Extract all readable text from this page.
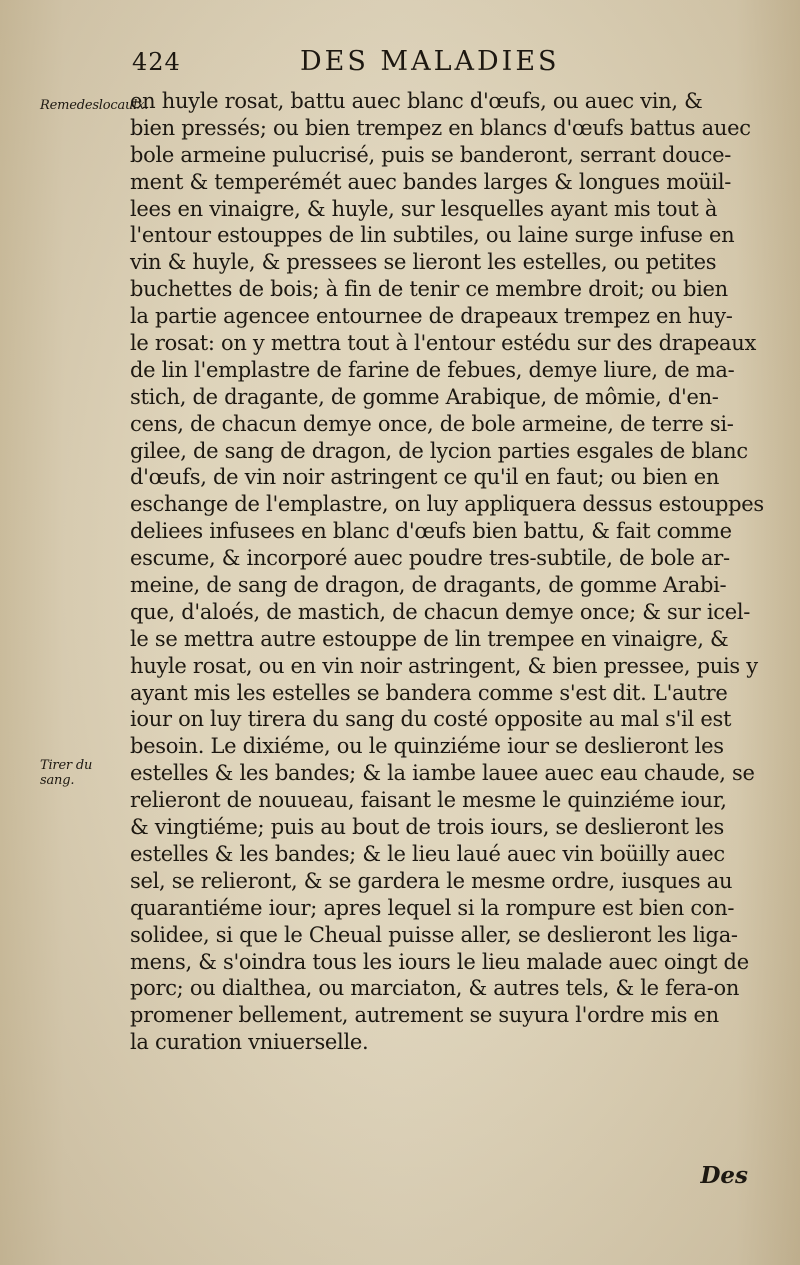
424	DES MALADIES
Remedeslocaulx.
Tirer du sang.
en huyle rosat, battu auec blanc d'œufs, ou auec vin, &
bien pressés; ou bien trempez en blancs d'œufs battus auec
bole armeine pulucrisé, puis se banderont, serrant douce-
ment & temperémét auec bandes larges & longues moüil-
lees en vinaigre, & huyle, sur lesquelles ayant mis tout à
l'entour estouppes de lin subtiles, ou laine surge infuse en
vin & huyle, & pressees se lieront les estelles, ou petites
buchettes de bois; à fin de tenir ce membre droit; ou bien
la partie agencee entournee de drapeaux trempez en huy-
le rosat: on y mettra tout à l'entour estédu sur des drapeaux
de lin l'emplastre de farine de febues, demye liure, de ma-
stich, de dragante, de gomme Arabique, de mômie, d'en-
cens, de chacun demye once, de bole armeine, de terre si-
gilee, de sang de dragon, de lycion parties esgales de blanc
d'œufs, de vin noir astringent ce qu'il en faut; ou bien en
eschange de l'emplastre, on luy appliquera dessus estouppes
deliees infusees en blanc d'œufs bien battu, & fait comme
escume, & incorporé auec poudre tres-subtile, de bole ar-
meine, de sang de dragon, de dragants, de gomme Arabi-
que, d'aloés, de mastich, de chacun demye once; & sur icel-
le se mettra autre estouppe de lin trempee en vinaigre, &
huyle rosat, ou en vin noir astringent, & bien pressee, puis y
ayant mis les estelles se bandera comme s'est dit. L'autre
iour on luy tirera du sang du costé opposite au mal s'il est
besoin. Le dixiéme, ou le quinziéme iour se deslieront les
estelles & les bandes; & la iambe lauee auec eau chaude, se
relieront de nouueau, faisant le mesme le quinziéme iour,
& vingtiéme; puis au bout de trois iours, se deslieront les
estelles & les bandes; & le lieu laué auec vin boüilly auec
sel, se relieront, & se gardera le mesme ordre, iusques au
quarantiéme iour; apres lequel si la rompure est bien con-
solidee, si que le Cheual puisse aller, se deslieront les liga-
mens, & s'oindra tous les iours le lieu malade auec oingt de
porc; ou dialthea, ou marciaton, & autres tels, & le fera-on
promener bellement, autrement se suyura l'ordre mis en
la curation vniuerselle.
Des
